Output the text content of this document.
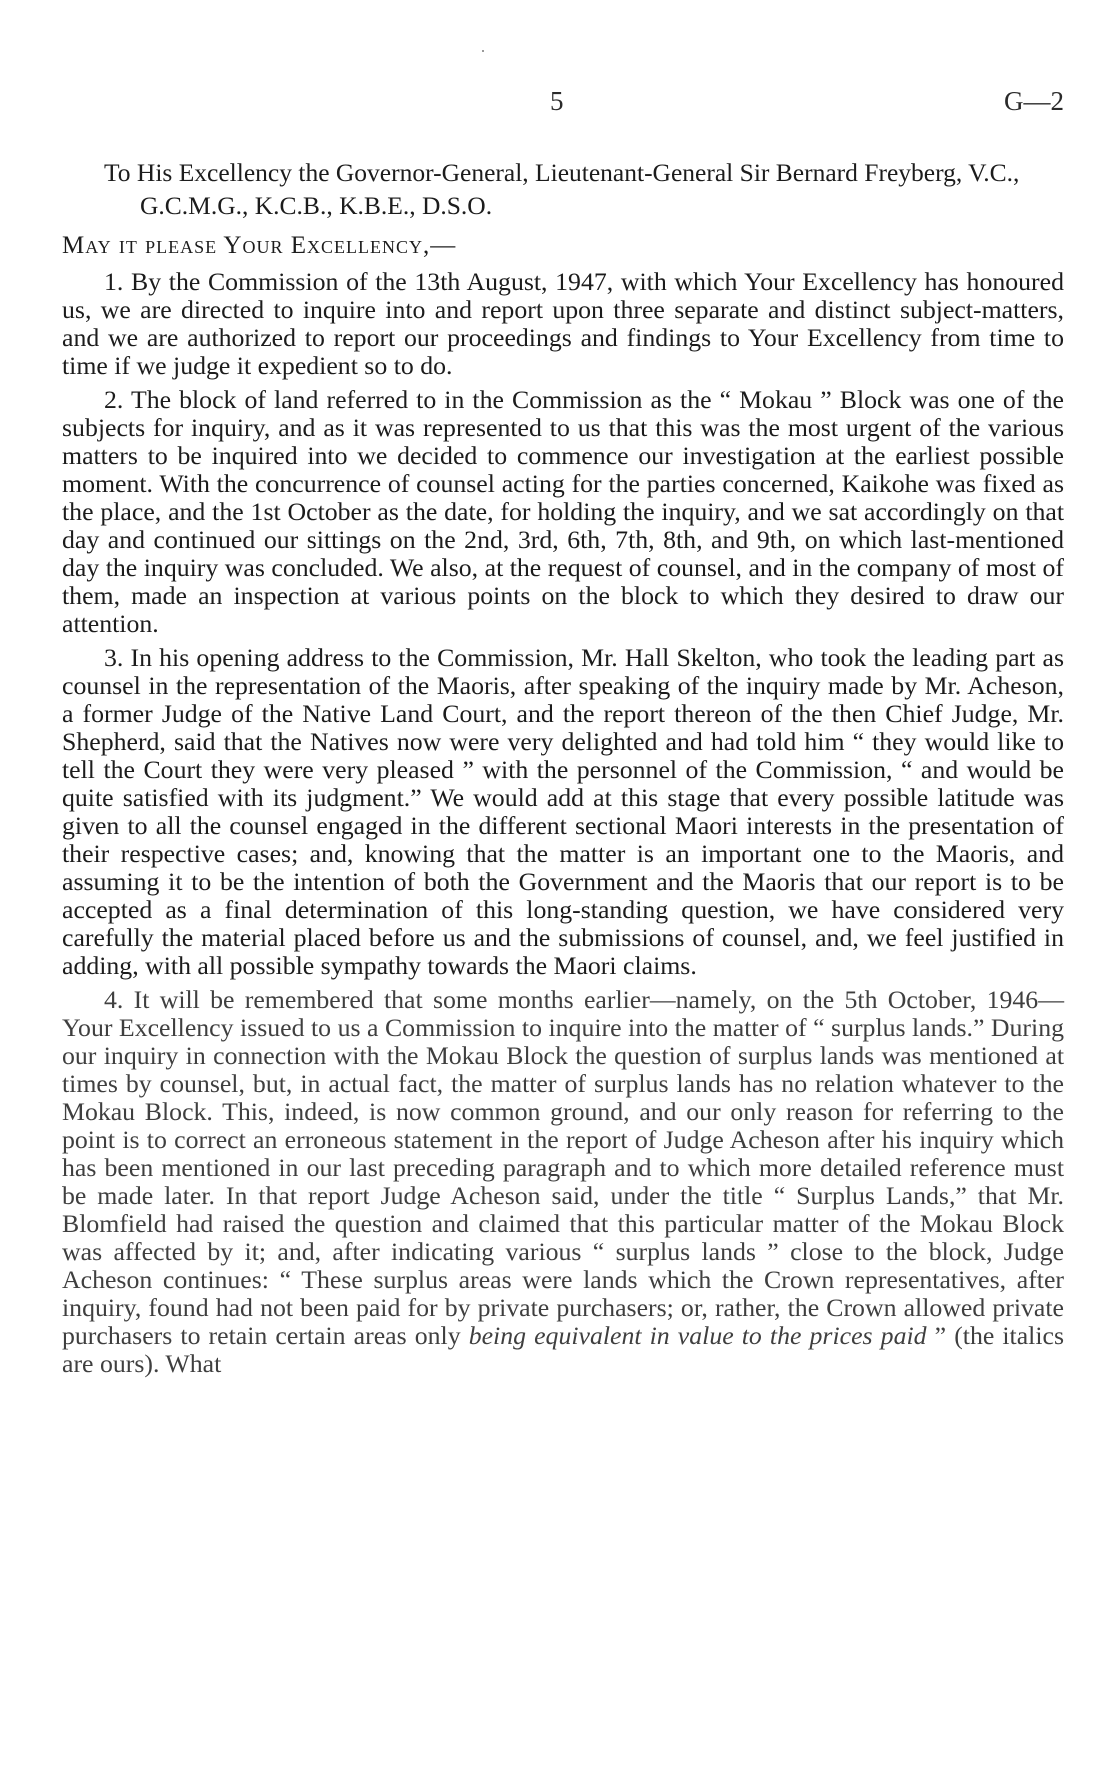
5	G—2
To His Excellency the Governor-General, Lieutenant-General Sir Bernard Freyberg, V.C., G.C.M.G., K.C.B., K.B.E., D.S.O.
May it please Your Excellency,—

1. By the Commission of the 13th August, 1947, with which Your Excellency has honoured us, we are directed to inquire into and report upon three separate and distinct subject-matters, and we are authorized to report our proceedings and findings to Your Excellency from time to time if we judge it expedient so to do.

2. The block of land referred to in the Commission as the “ Mokau ” Block was one of the subjects for inquiry, and as it was represented to us that this was the most urgent of the various matters to be inquired into we decided to commence our investigation at the earliest possible moment. With the concurrence of counsel acting for the parties concerned, Kaikohe was fixed as the place, and the 1st October as the date, for holding the inquiry, and we sat accordingly on that day and continued our sittings on the 2nd, 3rd, 6th, 7th, 8th, and 9th, on which last-mentioned day the inquiry was concluded. We also, at the request of counsel, and in the company of most of them, made an inspection at various points on the block to which they desired to draw our attention.

3. In his opening address to the Commission, Mr. Hall Skelton, who took the leading part as counsel in the representation of the Maoris, after speaking of the inquiry made by Mr. Acheson, a former Judge of the Native Land Court, and the report thereon of the then Chief Judge, Mr. Shepherd, said that the Natives now were very delighted and had told him “ they would like to tell the Court they were very pleased ” with the personnel of the Commission, “ and would be quite satisfied with its judgment.” We would add at this stage that every possible latitude was given to all the counsel engaged in the different sectional Maori interests in the presentation of their respective cases; and, knowing that the matter is an important one to the Maoris, and assuming it to be the intention of both the Government and the Maoris that our report is to be accepted as a final determination of this long-standing question, we have considered very carefully the material placed before us and the submissions of counsel, and, we feel justified in adding, with all possible sympathy towards the Maori claims.

4. It will be remembered that some months earlier—namely, on the 5th October, 1946—Your Excellency issued to us a Commission to inquire into the matter of “ surplus lands.” During our inquiry in connection with the Mokau Block the question of surplus lands was mentioned at times by counsel, but, in actual fact, the matter of surplus lands has no relation whatever to the Mokau Block. This, indeed, is now common ground, and our only reason for referring to the point is to correct an erroneous statement in the report of Judge Acheson after his inquiry which has been mentioned in our last preceding paragraph and to which more detailed reference must be made later. In that report Judge Acheson said, under the title “ Surplus Lands,” that Mr. Blomfield had raised the question and claimed that this particular matter of the Mokau Block was affected by it; and, after indicating various “ surplus lands ” close to the block, Judge Acheson continues: “ These surplus areas were lands which the Crown representatives, after inquiry, found had not been paid for by private purchasers; or, rather, the Crown allowed private purchasers to retain certain areas only being equivalent in value to the prices paid ” (the italics are ours). What
